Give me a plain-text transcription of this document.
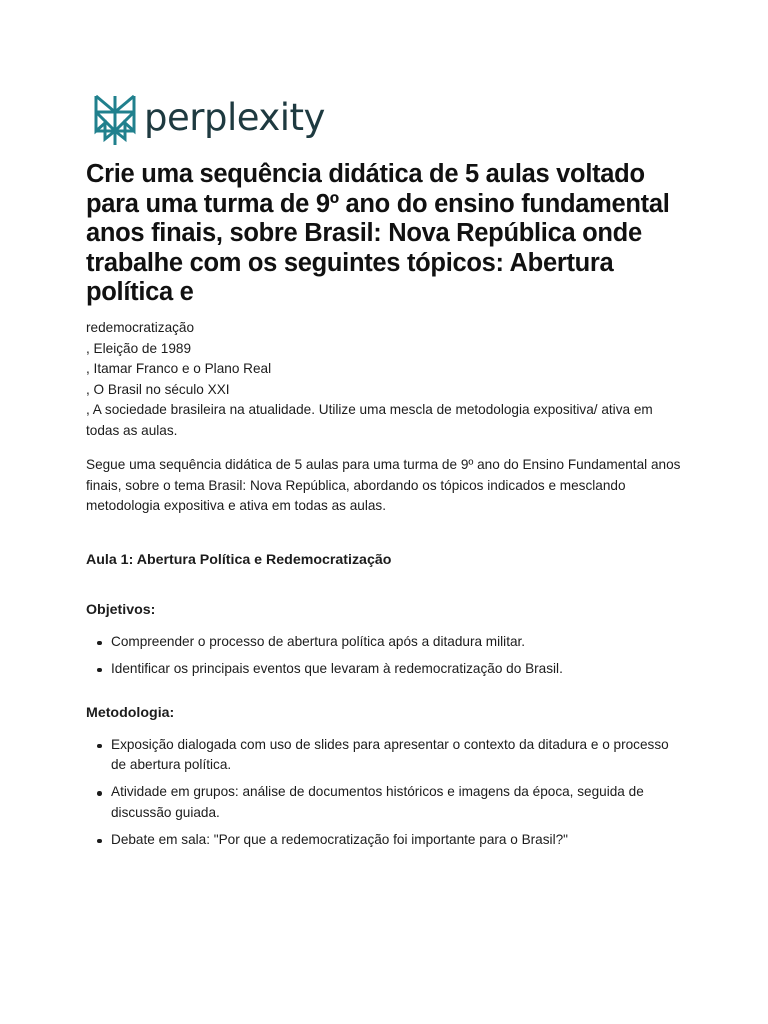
perplexity
Crie uma sequência didática de 5 aulas voltado para uma turma de 9º ano do ensino fundamental anos finais, sobre Brasil: Nova República onde trabalhe com os seguintes tópicos: Abertura política e

redemocratização

, Eleição de 1989

, Itamar Franco e o Plano Real

, O Brasil no século XXI

, A sociedade brasileira na atualidade. Utilize uma mescla de metodologia expositiva/ ativa em todas as aulas.

Segue uma sequência didática de 5 aulas para uma turma de 9º ano do Ensino Fundamental anos finais, sobre o tema Brasil: Nova República, abordando os tópicos indicados e mesclando metodologia expositiva e ativa em todas as aulas.

Aula 1: Abertura Política e Redemocratização
Objetivos:
Compreender o processo de abertura política após a ditadura militar.
Identificar os principais eventos que levaram à redemocratização do Brasil.
Metodologia:
Exposição dialogada com uso de slides para apresentar o contexto da ditadura e o processo de abertura política.
Atividade em grupos: análise de documentos históricos e imagens da época, seguida de discussão guiada.
Debate em sala: "Por que a redemocratização foi importante para o Brasil?"
